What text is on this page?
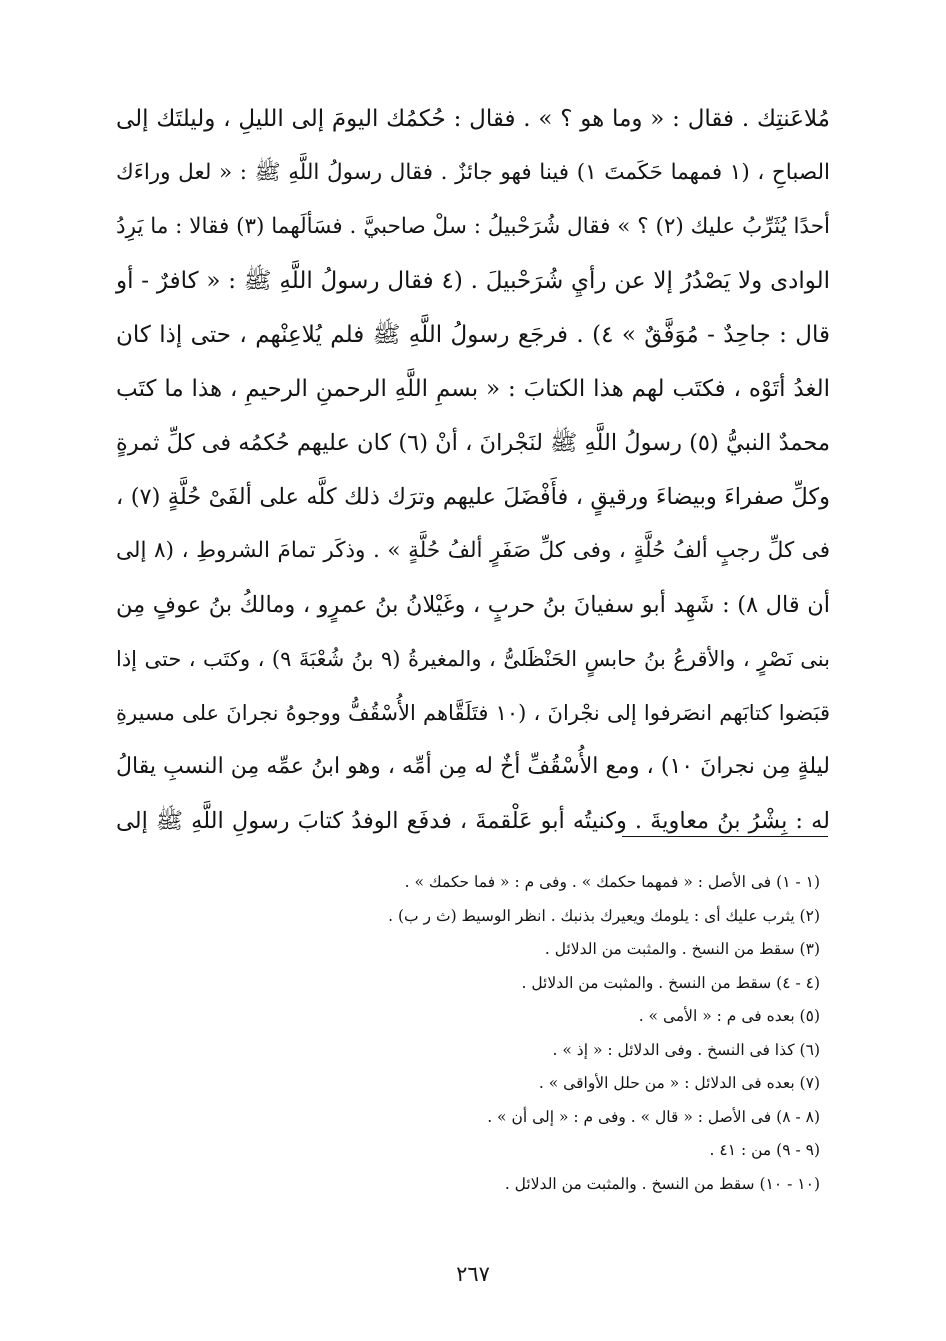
مُلاعَنتِك . فقال : « وما هو ؟ » . فقال : حُكمُك اليومَ إلى الليلِ ، وليلتَك إلى
الصباحِ ، (١ فمهما حَكَمتَ ١) فينا فهو جائزٌ . فقال رسولُ اللَّهِ ﷺ : « لعل وراءَك
أحدًا يُثَرِّبُ عليك (٢) ؟ » فقال شُرَحْبيلُ : سلْ صاحبيَّ . فسَألَهما (٣) فقالا : ما يَرِدُ
الوادى ولا يَصْدُرُ إلا عن رأيِ شُرَحْبيلَ . (٤ فقال رسولُ اللَّهِ ﷺ : « كافرٌ - أو
قال : جاحِدٌ - مُوَفَّقٌ » ٤) . فرجَع رسولُ اللَّهِ ﷺ فلم يُلاعِنْهم ، حتى إذا كان
الغدُ أتَوْه ، فكتَب لهم هذا الكتابَ : « بسمِ اللَّهِ الرحمنِ الرحيمِ ، هذا ما كتَب
محمدٌ النبيُّ (٥) رسولُ اللَّهِ ﷺ لنَجْرانَ ، أنْ (٦) كان عليهم حُكمُه فى كلِّ ثمرةٍ
وكلِّ صفراءَ وبيضاءَ ورقيقٍ ، فأَفْضَلَ عليهم وترَك ذلك كلَّه على ألفَىْ حُلَّةٍ (٧) ،
فى كلِّ رجبٍ ألفُ حُلَّةٍ ، وفى كلِّ صَفَرٍ ألفُ حُلَّةٍ » . وذكَر تمامَ الشروطِ ، (٨ إلى
أن قال ٨) : شَهِد أبو سفيانَ بنُ حربٍ ، وغَيْلانُ بنُ عمرٍو ، ومالكُ بنُ عوفٍ مِن
بنى نَصْرٍ ، والأقرعُ بنُ حابسٍ الحَنْظَلىُّ ، والمغيرةُ (٩ بنُ شُعْبَةَ ٩) ، وكتَب ، حتى إذا
قبَضوا كتابَهم انصَرفوا إلى نجْرانَ ، (١٠ فتَلَقَّاهم الأُسْقُفُّ ووجوهُ نجرانَ على مسيرةِ
ليلةٍ مِن نجرانَ ١٠) ، ومع الأُسْقُفِّ أخٌ له مِن أمِّه ، وهو ابنُ عمِّه مِن النسبِ يقالُ
له : بِشْرُ بنُ معاويةَ . وكنيتُه أبو عَلْقمةَ ، فدفَع الوفدُ كتابَ رسولِ اللَّهِ ﷺ إلى
(١ - ١) فى الأصل : « فمهما حكمك » . وفى م : « فما حكمك » .
(٢) يثرب عليك أى : يلومك ويعيرك بذنبك . انظر الوسيط (ث ر ب) .
(٣) سقط من النسخ . والمثبت من الدلائل .
(٤ - ٤) سقط من النسخ . والمثبت من الدلائل .
(٥) بعده فى م : « الأمى » .
(٦) كذا فى النسخ . وفى الدلائل : « إذ » .
(٧) بعده فى الدلائل : « من حلل الأواقى » .
(٨ - ٨) فى الأصل : « قال » . وفى م : « إلى أن » .
(٩ - ٩) من : ٤١ .
(١٠ - ١٠) سقط من النسخ . والمثبت من الدلائل .
٢٦٧
